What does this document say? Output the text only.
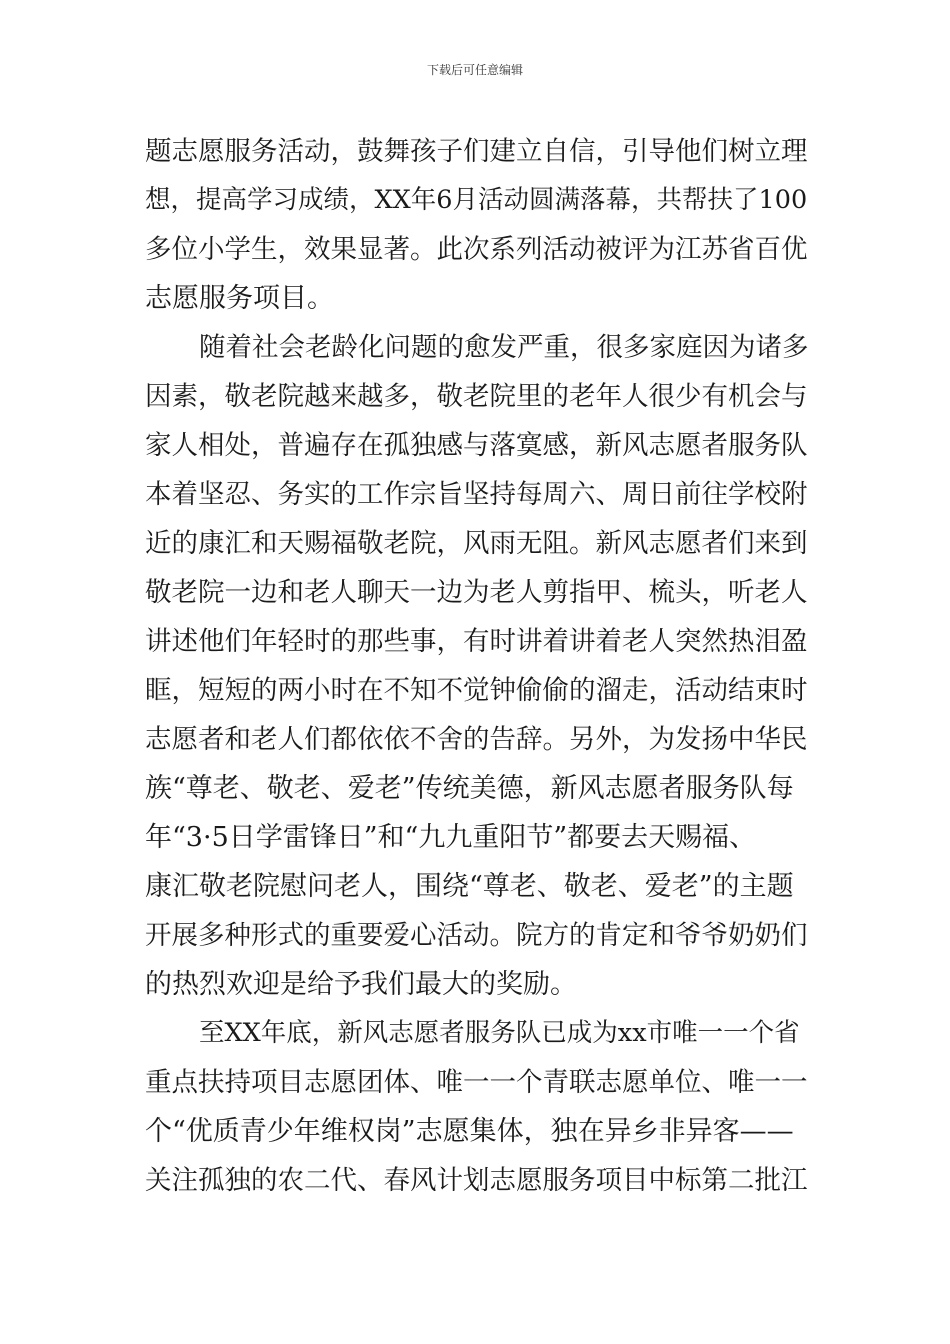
下载后可任意编辑
题志愿服务活动，鼓舞孩子们建立自信，引导他们树立理
想，提高学习成绩，XX年6月活动圆满落幕，共帮扶了100
多位小学生，效果显著。此次系列活动被评为江苏省百优
志愿服务项目。
随着社会老龄化问题的愈发严重，很多家庭因为诸多
因素，敬老院越来越多，敬老院里的老年人很少有机会与
家人相处，普遍存在孤独感与落寞感，新风志愿者服务队
本着坚忍、务实的工作宗旨坚持每周六、周日前往学校附
近的康汇和天赐福敬老院，风雨无阻。新风志愿者们来到
敬老院一边和老人聊天一边为老人剪指甲、梳头，听老人
讲述他们年轻时的那些事，有时讲着讲着老人突然热泪盈
眶，短短的两小时在不知不觉钟偷偷的溜走，活动结束时
志愿者和老人们都依依不舍的告辞。另外，为发扬中华民
族“尊老、敬老、爱老”传统美德，新风志愿者服务队每
年“3·5日学雷锋日”和“九九重阳节”都要去天赐福、
康汇敬老院慰问老人，围绕“尊老、敬老、爱老”的主题
开展多种形式的重要爱心活动。院方的肯定和爷爷奶奶们
的热烈欢迎是给予我们最大的奖励。
至XX年底，新风志愿者服务队已成为xx市唯一一个省
重点扶持项目志愿团体、唯一一个青联志愿单位、唯一一
个“优质青少年维权岗”志愿集体，独在异乡非异客——
关注孤独的农二代、春风计划志愿服务项目中标第二批江
